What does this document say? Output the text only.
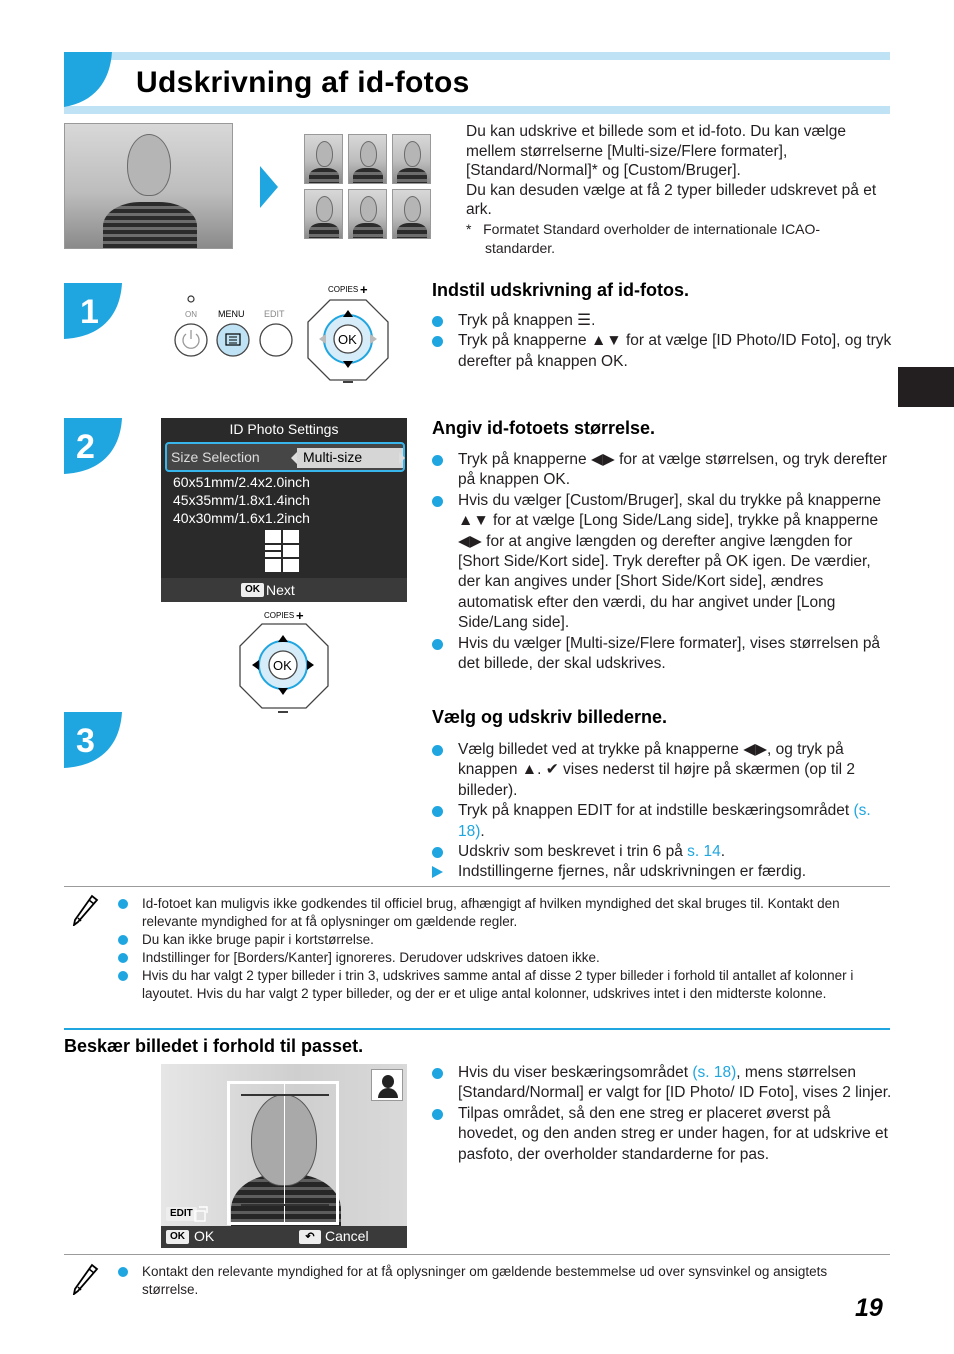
Udskrivning af id-fotos
Du kan udskrive et billede som et id-foto. Du kan vælge mellem størrelserne [Multi-size/Flere formater], [Standard/Normal]* og [Custom/Bruger].
Du kan desuden vælge at få 2 typer billeder udskrevet på et ark.
*   Formatet Standard overholder de internationale ICAO-standarder.
1
2
3
ON MENU EDIT
COPIES +
OK
Indstil udskrivning af id-fotos.
Tryk på knappen ☰.
Tryk på knapperne ▲▼ for at vælge [ID Photo/ID Foto], og tryk derefter på knappen OK.
ID Photo Settings
Size Selection	Multi-size
60x51mm/2.4x2.0inch
45x35mm/1.8x1.4inch
40x30mm/1.6x1.2inch
OK Next
COPIES +
OK
Angiv id-fotoets størrelse.
Tryk på knapperne ◀▶ for at vælge størrelsen, og tryk derefter på knappen OK.
Hvis du vælger [Custom/Bruger], skal du trykke på knapperne ▲▼ for at vælge [Long Side/Lang side], trykke på knapperne ◀▶ for at angive længden og derefter angive længden for [Short Side/Kort side]. Tryk derefter på OK igen. De værdier, der kan angives under [Short Side/Kort side], ændres automatisk efter den værdi, du har angivet under [Long Side/Lang side].
Hvis du vælger [Multi-size/Flere formater], vises størrelsen på det billede, der skal udskrives.
Vælg og udskriv billederne.
Vælg billedet ved at trykke på knapperne ◀▶, og tryk på knappen ▲. ✔ vises nederst til højre på skærmen (op til 2 billeder).
Tryk på knappen EDIT for at indstille beskæringsområdet (s. 18).
Udskriv som beskrevet i trin 6 på s. 14.
Indstillingerne fjernes, når udskrivningen er færdig.
Id-fotoet kan muligvis ikke godkendes til officiel brug, afhængigt af hvilken myndighed det skal bruges til. Kontakt den relevante myndighed for at få oplysninger om gældende regler.
Du kan ikke bruge papir i kortstørrelse.
Indstillinger for [Borders/Kanter] ignoreres. Derudover udskrives datoen ikke.
Hvis du har valgt 2 typer billeder i trin 3, udskrives samme antal af disse 2 typer billeder i forhold til antallet af kolonner i layoutet. Hvis du har valgt 2 typer billeder, og der er et ulige antal kolonner, udskrives intet i den midterste kolonne.
Beskær billedet i forhold til passet.
EDIT
OK OK	↶ Cancel
Hvis du viser beskæringsområdet (s. 18), mens størrelsen [Standard/Normal] er valgt for [ID Photo/ ID Foto], vises 2 linjer.
Tilpas området, så den ene streg er placeret øverst på hovedet, og den anden streg er under hagen, for at udskrive et pasfoto, der overholder standarderne for pas.
Kontakt den relevante myndighed for at få oplysninger om gældende bestemmelse ud over synsvinkel og ansigtets størrelse.
19
